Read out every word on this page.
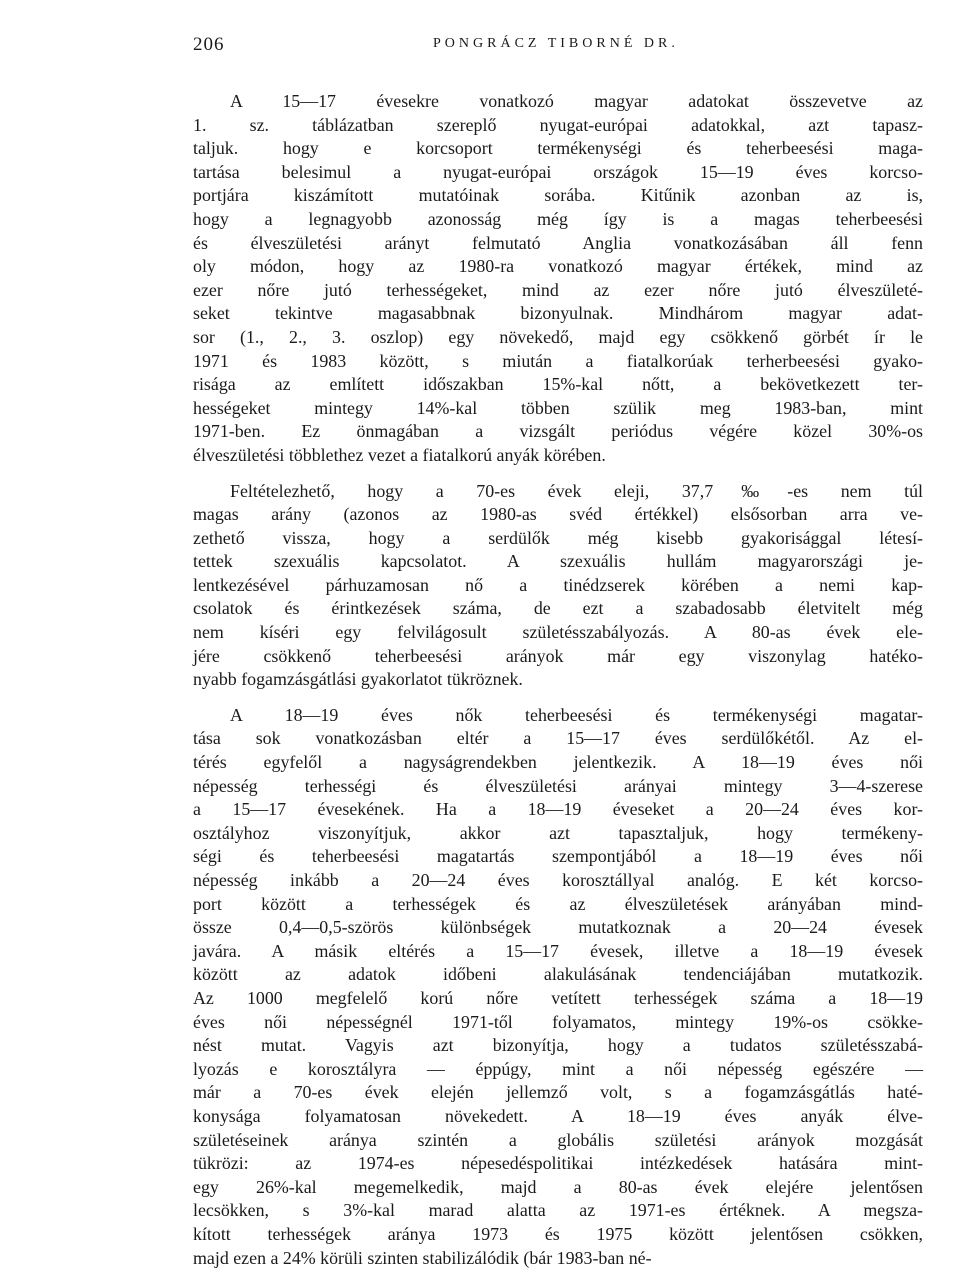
206	PONGRÁCZ TIBORNÉ DR.

A 15—17 évesekre vonatkozó magyar adatokat összevetve az
1. sz. táblázatban szereplő nyugat-európai adatokkal, azt tapasz-
taljuk. hogy e korcsoport termékenységi és teherbeesési maga-
tartása belesimul a nyugat-európai országok 15—19 éves korcso-
portjára kiszámított mutatóinak sorába. Kitűnik azonban az is,
hogy a legnagyobb azonosság még így is a magas teherbeesési
és élveszületési arányt felmutató Anglia vonatkozásában áll fenn
oly módon, hogy az 1980-ra vonatkozó magyar értékek, mind az
ezer nőre jutó terhességeket, mind az ezer nőre jutó élveszületé-
seket tekintve magasabbnak bizonyulnak. Mindhárom magyar adat-
sor (1., 2., 3. oszlop) egy növekedő, majd egy csökkenő görbét ír le
1971 és 1983 között, s miután a fiatalkorúak terherbeesési gyako-
risága az említett időszakban 15%-kal nőtt, a bekövetkezett ter-
hességeket mintegy 14%-kal többen szülik meg 1983-ban, mint
1971-ben. Ez önmagában a vizsgált periódus végére közel 30%-os
élveszületési többlethez vezet a fiatalkorú anyák körében.

Feltételezhető, hogy a 70-es évek eleji, 37,7‰-es nem túl
magas arány (azonos az 1980-as svéd értékkel) elsősorban arra ve-
zethető vissza, hogy a serdülők még kisebb gyakorisággal létesí-
tettek szexuális kapcsolatot. A szexuális hullám magyarországi je-
lentkezésével párhuzamosan nő a tinédzserek körében a nemi kap-
csolatok és érintkezések száma, de ezt a szabadosabb életvitelt még
nem kíséri egy felvilágosult születésszabályozás. A 80-as évek ele-
jére csökkenő teherbeesési arányok már egy viszonylag hatéko-
nyabb fogamzásgátlási gyakorlatot tükröznek.

A 18—19 éves nők teherbeesési és termékenységi magatar-
tása sok vonatkozásban eltér a 15—17 éves serdülőkétől. Az el-
térés egyfelől a nagyságrendekben jelentkezik. A 18—19 éves női
népesség terhességi és élveszületési arányai mintegy 3—4-szerese
a 15—17 évesekének. Ha a 18—19 éveseket a 20—24 éves kor-
osztályhoz viszonyítjuk, akkor azt tapasztaljuk, hogy termékeny-
ségi és teherbeesési magatartás szempontjából a 18—19 éves női
népesség inkább a 20—24 éves korosztállyal analóg. E két korcso-
port között a terhességek és az élveszületések arányában mind-
össze 0,4—0,5-szörös különbségek mutatkoznak a 20—24 évesek
javára. A másik eltérés a 15—17 évesek, illetve a 18—19 évesek
között az adatok időbeni alakulásának tendenciájában mutatkozik.
Az 1000 megfelelő korú nőre vetített terhességek száma a 18—19
éves női népességnél 1971-től folyamatos, mintegy 19%-os csökke-
nést mutat. Vagyis azt bizonyítja, hogy a tudatos születésszabá-
lyozás e korosztályra — éppúgy, mint a női népesség egészére —
már a 70-es évek elején jellemző volt, s a fogamzásgátlás haté-
konysága folyamatosan növekedett. A 18—19 éves anyák élve-
születéseinek aránya szintén a globális születési arányok mozgását
tükrözi: az 1974-es népesedéspolitikai intézkedések hatására mint-
egy 26%-kal megemelkedik, majd a 80-as évek elejére jelentősen
lecsökken, s 3%-kal marad alatta az 1971-es értéknek. A megsza-
kított terhességek aránya 1973 és 1975 között jelentősen csökken,
majd ezen a 24% körüli szinten stabilizálódik (bár 1983-ban né-
